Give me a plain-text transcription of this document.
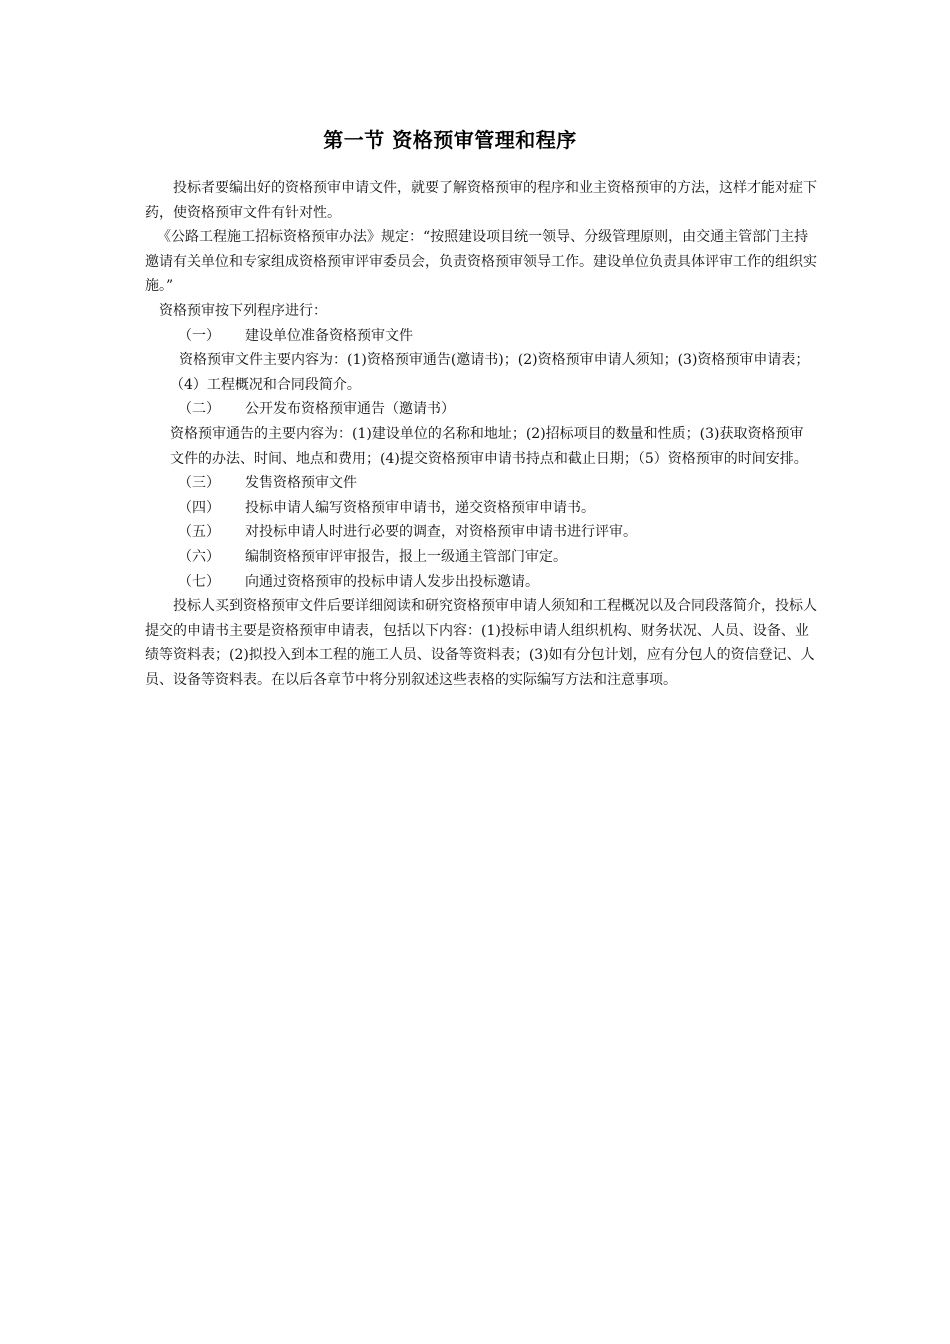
第一节 资格预审管理和程序

投标者要编出好的资格预审申请文件，就要了解资格预审的程序和业主资格预审的方法，这样才能对症下药，使资格预审文件有针对性。

《公路工程施工招标资格预审办法》规定：“按照建设项目统一领导、分级管理原则，由交通主管部门主持邀请有关单位和专家组成资格预审评审委员会，负责资格预审领导工作。建设单位负责具体评审工作的组织实施。”

资格预审按下列程序进行：

（一） 建设单位准备资格预审文件

资格预审文件主要内容为：(1)资格预审通告(邀请书)；(2)资格预审申请人须知；(3)资格预审申请表；（4）工程概况和合同段简介。

（二） 公开发布资格预审通告（邀请书）

资格预审通告的主要内容为：(1)建设单位的名称和地址；(2)招标项目的数量和性质；(3)获取资格预审文件的办法、时间、地点和费用；(4)提交资格预审申请书持点和截止日期；（5）资格预审的时间安排。

（三） 发售资格预审文件

（四） 投标申请人编写资格预审申请书，递交资格预审申请书。

（五） 对投标申请人时进行必要的调查，对资格预审申请书进行评审。

（六） 编制资格预审评审报告，报上一级通主管部门审定。

（七） 向通过资格预审的投标申请人发步出投标邀请。

投标人买到资格预审文件后要详细阅读和研究资格预审申请人须知和工程概况以及合同段落简介，投标人提交的申请书主要是资格预审申请表，包括以下内容：(1)投标申请人组织机构、财务状况、人员、设备、业绩等资料表；(2)拟投入到本工程的施工人员、设备等资料表；(3)如有分包计划，应有分包人的资信登记、人员、设备等资料表。在以后各章节中将分别叙述这些表格的实际编写方法和注意事项。
